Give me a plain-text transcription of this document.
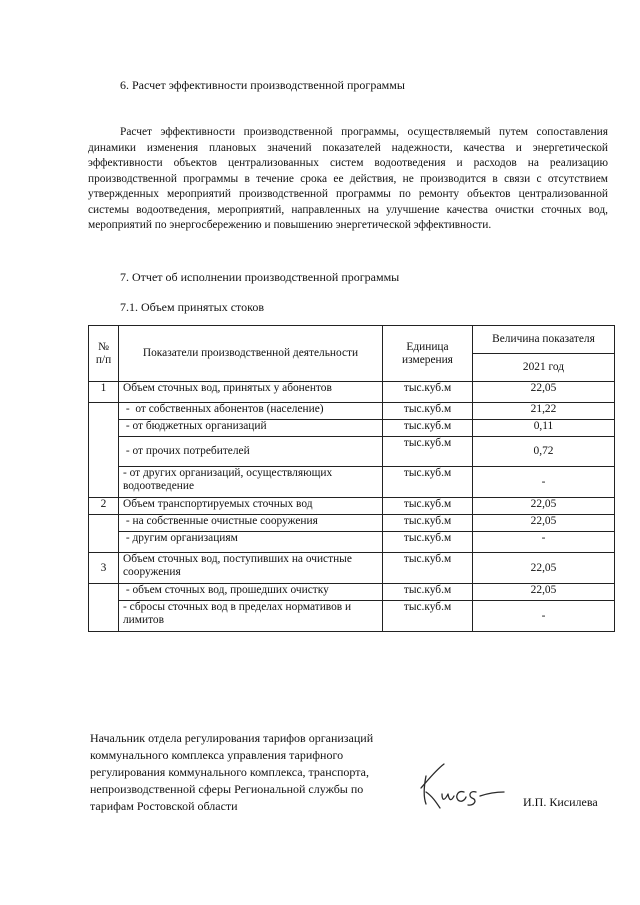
6. Расчет эффективности производственной программы
Расчет эффективности производственной программы, осуществляемый путем сопоставления динамики изменения плановых значений показателей надежности, качества и энергетической эффективности объектов централизованных систем водоотведения и расходов на реализацию производственной программы в течение срока ее действия, не производится в связи с отсутствием утвержденных мероприятий производственной программы по ремонту объектов централизованной системы водоотведения, мероприятий, направленных на улучшение качества очистки сточных вод, мероприятий по энергосбережению и повышению энергетической эффективности.
7. Отчет об исполнении производственной программы
7.1. Объем принятых стоков
№ п/п	Показатели производственной деятельности	Единица измерения	Величина показателя
			2021 год
1	Объем сточных вод, принятых у абонентов	тыс.куб.м	22,05
	-  от собственных абонентов (население)	тыс.куб.м	21,22
	- от бюджетных организаций	тыс.куб.м	0,11
	- от прочих потребителей	тыс.куб.м	0,72
	- от других организаций, осуществляющих водоотведение	тыс.куб.м	-
2	Объем транспортируемых сточных вод	тыс.куб.м	22,05
	- на собственные очистные сооружения	тыс.куб.м	22,05
	- другим организациям	тыс.куб.м	-
3	Объем сточных вод, поступивших на очистные сооружения	тыс.куб.м	22,05
	- объем сточных вод, прошедших очистку	тыс.куб.м	22,05
	- сбросы сточных вод в пределах нормативов и лимитов	тыс.куб.м	-
Начальник отдела регулирования тарифов организаций коммунального комплекса управления тарифного регулирования коммунального комплекса, транспорта, непроизводственной сферы Региональной службы по тарифам Ростовской области	И.П. Кисилева
